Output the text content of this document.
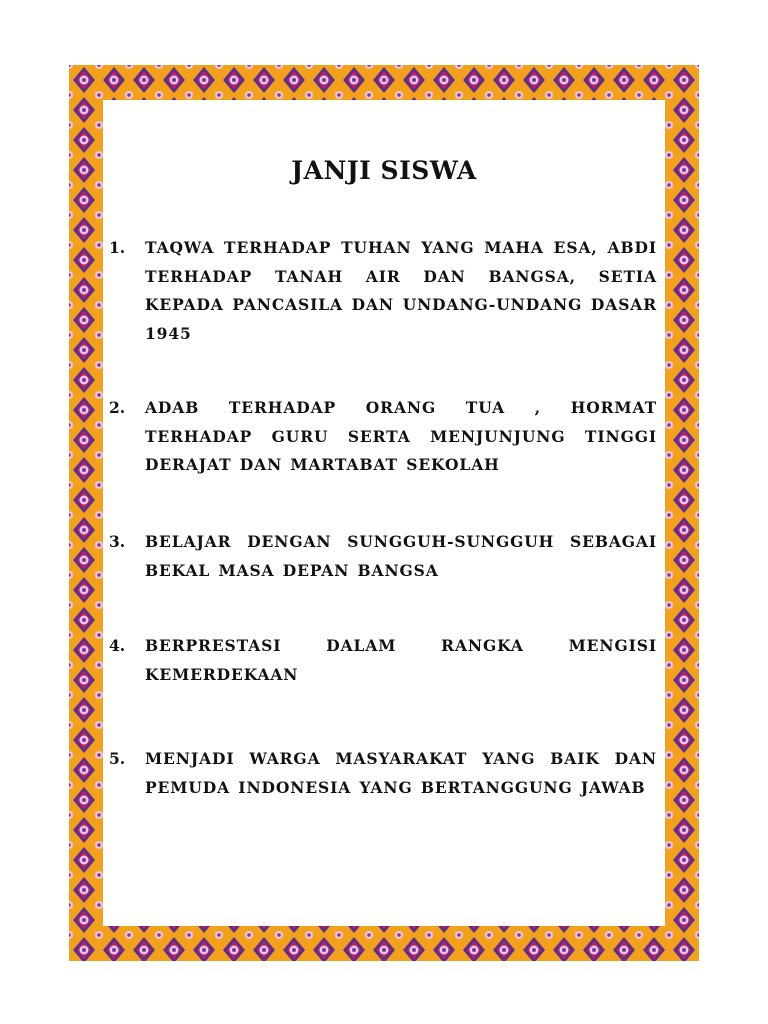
JANJI SISWA
1.	TAQWA TERHADAP TUHAN YANG MAHA ESA, ABDI TERHADAP TANAH AIR DAN BANGSA, SETIA KEPADA PANCASILA DAN UNDANG-UNDANG DASAR 1945
2.	ADAB TERHADAP ORANG TUA , HORMAT TERHADAP GURU SERTA MENJUNJUNG TINGGI DERAJAT DAN MARTABAT SEKOLAH
3.	BELAJAR DENGAN SUNGGUH-SUNGGUH SEBAGAI BEKAL MASA DEPAN BANGSA
4.	BERPRESTASI DALAM RANGKA MENGISI KEMERDEKAAN
5.	MENJADI WARGA MASYARAKAT YANG BAIK DAN PEMUDA INDONESIA YANG BERTANGGUNG JAWAB
